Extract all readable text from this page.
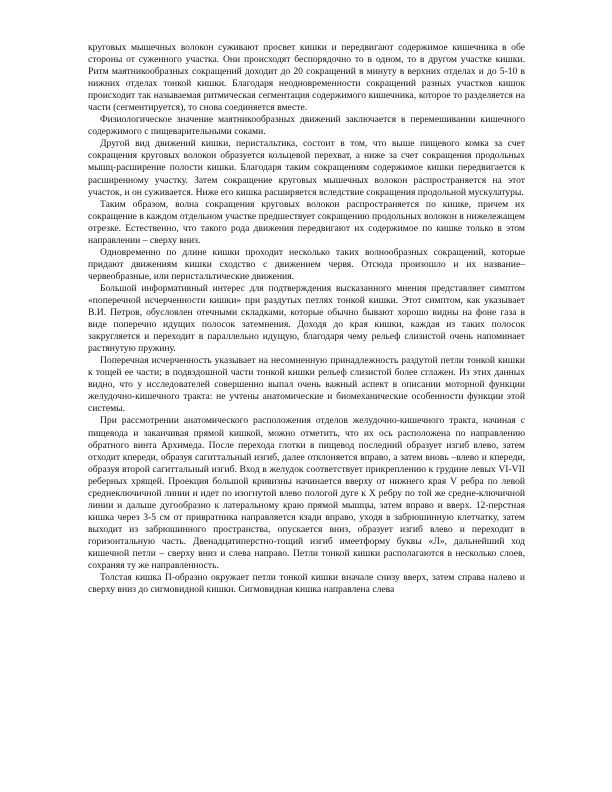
круговых мышечных волокон суживают просвет кишки и передвигают содержимое кишечника в обе стороны от суженного участка. Они происходят беспорядочно то в одном, то в другом участке кишки. Ритм маятникообразных сокращений доходит до 20 сокращений в минуту в верхних отделах и до 5-10 в нижних отделах тонкой кишки. Благодаря неодновременности сокращений разных участков кишок происходит так называемая ритмическая сегментация содержимого кишечника, которое то разделяется на части (сегментируется), то снова соединяется вместе.

Физиологическое значение маятникообразных движений заключается в перемешивании кишечного содержимого с пищеварительными соками.

Другой вид движений кишки, перистальтика, состоит в том, что выше пищевого комка за счет сокращения круговых волокон образуется кольцевой перехват, а ниже за счет сокращения продольных мышц-расширение полости кишки. Благодаря таким сокращениям содержимое кишки передвигается к расширенному участку. Затем сокращение круговых мышечных волокон распространяется на этот участок, и он суживается. Ниже его кишка расширяется вследствие сокращения продольной мускулатуры.

Таким образом, волна сокращения круговых волокон распространяется по кишке, причем их сокращение в каждом отдельном участке предшествует сокращению продольных волокон в нижележащем отрезке. Естественно, что такого рода движения передвигают их содержимое по кишке только в этом направлении – сверху вниз.

Одновременно по длине кишки проходит несколько таких волнообразных сокращений, которые придают движениям кишки сходство с движением червя. Отсюда произошло и их название–червеобразные, или перистальтические движения.

Большой информативный интерес для подтверждения высказанного мнения представляет симптом «поперечной исчерченности кишки» при раздутых петлях тонкой кишки. Этот симптом, как указывает В.И. Петров, обусловлен отечными складками, которые обычно бывают хорошо видны на фоне газа в виде поперечно идущих полосок затемнения. Доходя до края кишки, каждая из таких полосок закругляется и переходит в параллельно идущую, благодаря чему рельеф слизистой очень напоминает растянутую пружину.

Поперечная исчерченность указывает на несомненную принадлежность раздутой петли тонкой кишки к тощей ее части; в подвздошной части тонкой кишки рельеф слизистой более сглажен. Из этих данных видно, что у исследователей совершенно выпал очень важный аспект в описании моторной функции желудочно-кишечного тракта: не учтены анатомические и биомеханические особенности функции этой системы.

При рассмотрении анатомического расположения отделов желудочно-кишечного тракта, начиная с пищевода и заканчивая прямой кишкой, можно отметить, что их ось расположена по направлению обратного винта Архимеда. После перехода глотки в пищевод последний образует изгиб влево, затем отходит кпереди, образуя сагиттальный изгиб, далее отклоняется вправо, а затем вновь –влево и кпереди, образуя второй сагиттальный изгиб. Вход в желудок соответствует прикреплению к грудине левых VI-VII реберных хрящей. Проекция большой кривизны начинается вверху от нижнего края V ребра по левой среднеключичной линии и идет по изогнутой влево пологой дуге к X ребру по той же средне-ключичной линии и дальше дугообразно к латеральному краю прямой мышцы, затем вправо и вверх. 12-перстная кишка через 3-5 см от привратника направляется кзади вправо, уходя в забрюшинную клетчатку, затем выходит из забрюшинного пространства, опускается вниз, образует изгиб влево и переходит в горизонтальную часть. Двенадцатиперстно-тощий изгиб имеетформу буквы «Л», дальнейший ход кишечной петли – сверху вниз и слева направо. Петли тонкой кишки располагаются в несколько слоев, сохраняя ту же направленность.

Толстая кишка П-образно окружает петли тонкой кишки вначале снизу вверх, затем справа налево и сверху вниз до сигмовидной кишки. Сигмовидная кишка направлена слева
